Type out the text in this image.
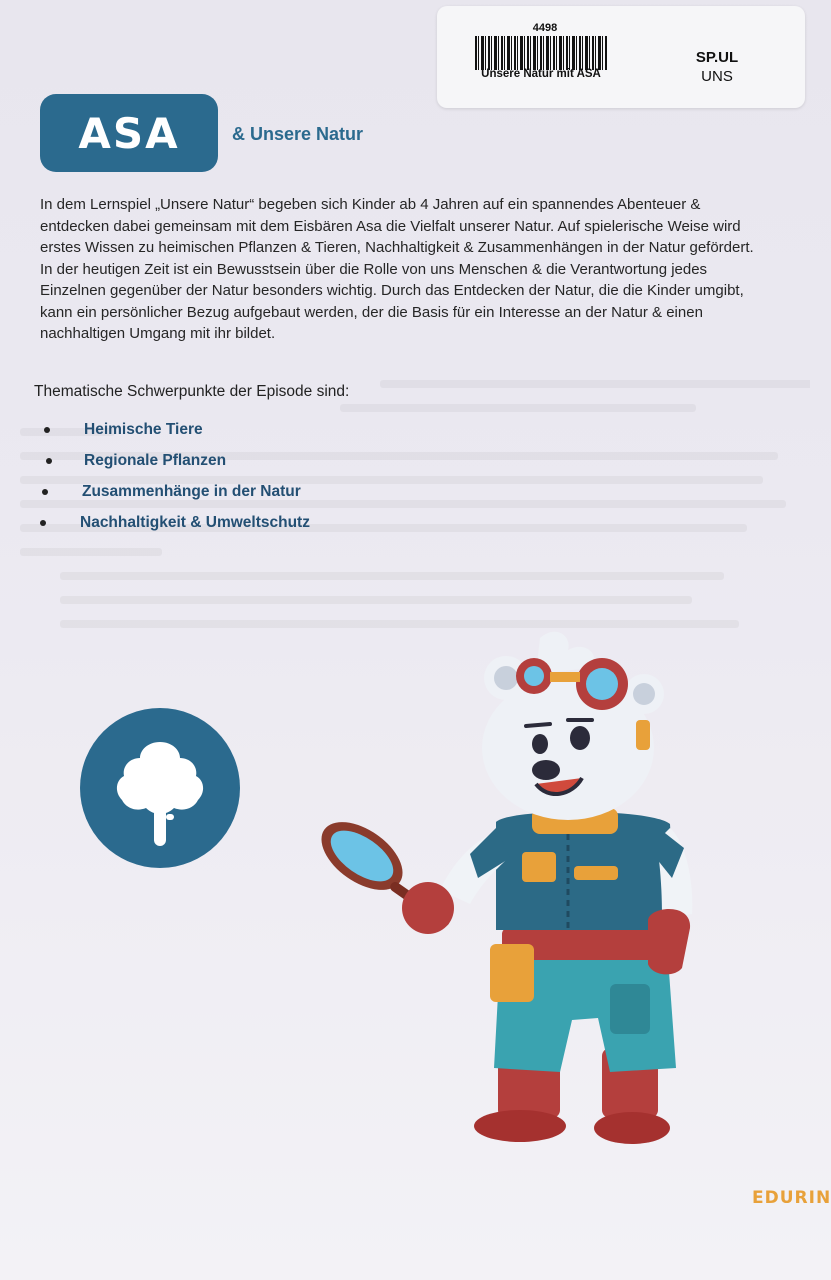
4498
Unsere Natur mit ASA
SP.UL
UNS
ASA	& Unsere Natur

In dem Lernspiel „Unsere Natur“ begeben sich Kinder ab 4 Jahren auf ein spannendes Abenteuer & entdecken dabei gemeinsam mit dem Eisbären Asa die Vielfalt unserer Natur. Auf spielerische Weise wird erstes Wissen zu heimischen Pflanzen & Tieren, Nachhaltigkeit & Zusammenhängen in der Natur gefördert. In der heutigen Zeit ist ein Bewusstsein über die Rolle von uns Menschen & die Verantwortung jedes Einzelnen gegenüber der Natur besonders wichtig. Durch das Entdecken der Natur, die die Kinder umgibt, kann ein persönlicher Bezug aufgebaut werden, der die Basis für ein Interesse an der Natur & einen nachhaltigen Umgang mit ihr bildet.

Thematische Schwerpunkte der Episode sind:
Heimische Tiere
Regionale Pflanzen
Zusammenhänge in der Natur
Nachhaltigkeit & Umweltschutz
EDURIN
